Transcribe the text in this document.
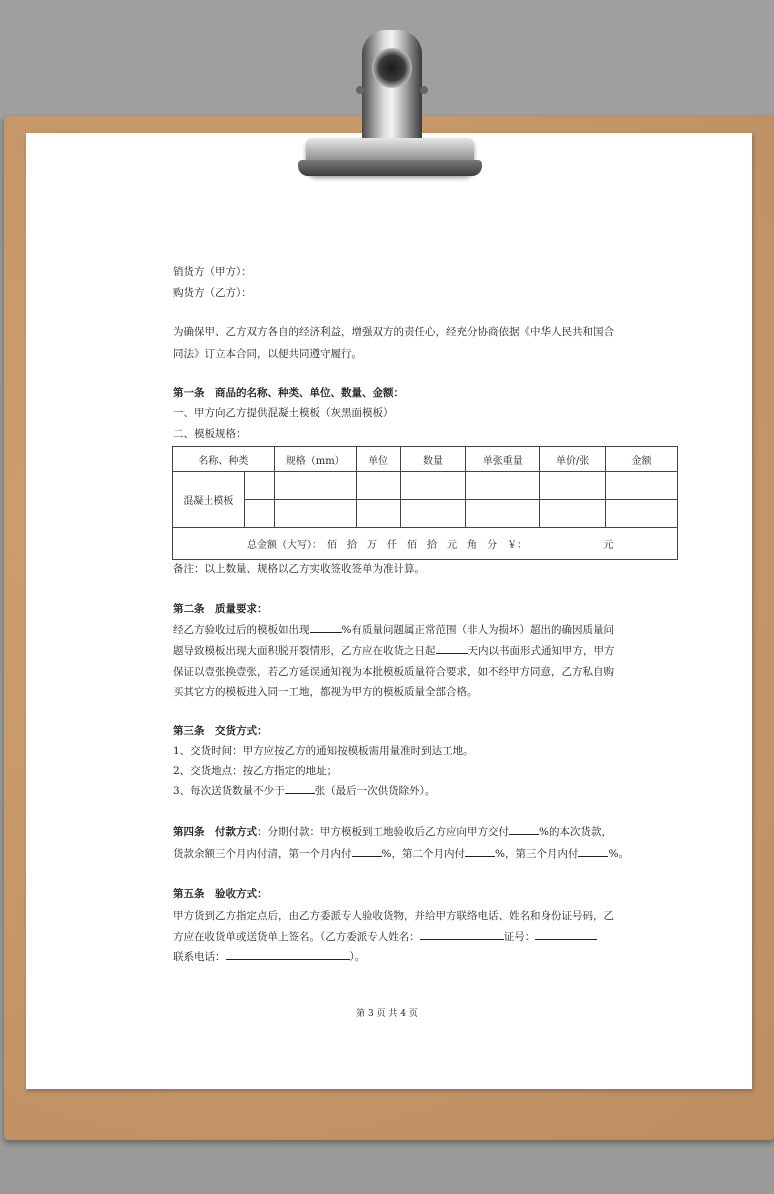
销货方（甲方）：
购货方（乙方）：
为确保甲、乙方双方各自的经济利益，增强双方的责任心，经充分协商依据《中华人民共和国合
同法》订立本合同，以便共同遵守履行。
第一条　商品的名称、种类、单位、数量、金额：
一、甲方向乙方提供混凝土模板（灰黑面模板）
二、模板规格：
名称、种类		规格（mm）	单位	数量	单张重量	单价/张	金额
混凝土模板							

总金额（大写）：　佰　拾　万　仟　佰　拾　元　角　分　￥： 元							
备注：以上数量、规格以乙方实收签收签单为准计算。
第二条　质量要求：
经乙方验收过后的模板如出现	%有质量问题属正常范围（非人为损坏）超出的确因质量问
题导致模板出现大面积脱开裂情形，乙方应在收货之日起	天内以书面形式通知甲方，甲方
保证以壹张换壹张，若乙方延误通知视为本批模板质量符合要求，如不经甲方同意，乙方私自购
买其它方的模板进入同一工地，都视为甲方的模板质量全部合格。
第三条　交货方式：
1、交货时间：甲方应按乙方的通知按模板需用量准时到达工地。
2、交货地点：按乙方指定的地址；
3、每次送货数量不少于	张（最后一次供货除外）。
第四条　付款方式：分期付款：甲方模板到工地验收后乙方应向甲方交付	%的本次货款，
货款余额三个月内付清，第一个月内付	%，第二个月内付	%，第三个月内付	%。
第五条　验收方式：
甲方货到乙方指定点后，由乙方委派专人验收货物，并给甲方联络电话、姓名和身份证号码，乙
方应在收货单或送货单上签名。（乙方委派专人姓名：	证号：
联系电话：	）。
第 3 页 共 4 页
